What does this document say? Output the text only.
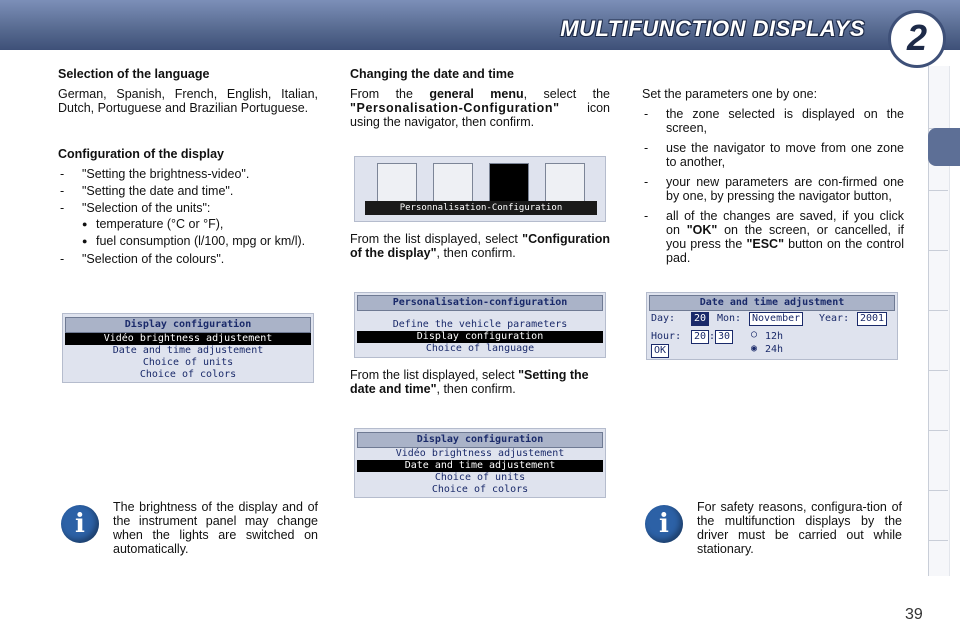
MULTIFUNCTION DISPLAYS	2

Selection of the language

German, Spanish, French, English, Italian, Dutch, Portuguese and Brazilian Portuguese.

Configuration of the display

- "Setting the brightness-video".
- "Setting the date and time".
- "Selection of the units":
● temperature (°C or °F),
● fuel consumption (l/100, mpg or km/l).
- "Selection of the colours".
Display configuration
Vidéo brightness adjustement
Date and time adjustement
Choice of units
Choice of colors
i
The brightness of the display and of the instrument panel may change when the lights are switched on automatically.

Changing the date and time

From the general menu, select the "Personalisation-Configuration" icon using the navigator, then confirm.

Personnalisation-Configuration
From the list displayed, select "Configuration of the display", then confirm.
Personalisation-configuration
Define the vehicle parameters
Display configuration
Choice of language
From the list displayed, select "Setting the date and time", then confirm.
Display configuration
Vidéo brightness adjustement
Date and time adjustement
Choice of units
Choice of colors

Set the parameters one by one:

- the zone selected is displayed on the screen,
- use the navigator to move from one zone to another,
- your new parameters are con-firmed one by one, by pressing the navigator button,
- all of the changes are saved, if you click on "OK" on the screen, or cancelled, if you press the "ESC" button on the control pad.
Date and time adjustment
Day:	20	Mon:	November	Year:	2001
Hour:	20 : 30	○ 12h
◉ 24h
OK
i
For safety reasons, configura-tion of the multifunction displays by the driver must be carried out while stationary.
39
